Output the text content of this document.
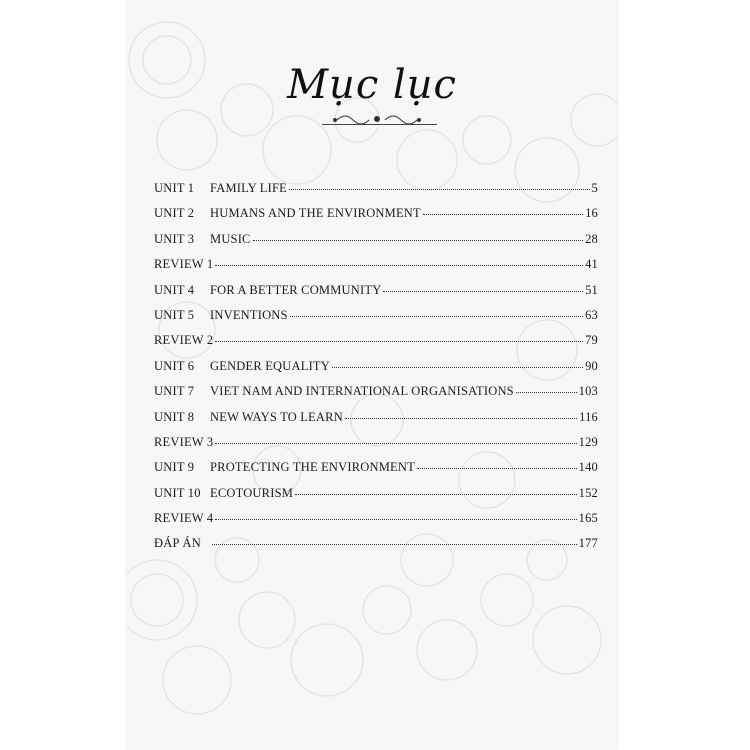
Mục lục
UNIT 1	FAMILY LIFE	5
UNIT 2	HUMANS AND THE ENVIRONMENT	16
UNIT 3	MUSIC	28
REVIEW 1	41
UNIT 4	FOR A BETTER COMMUNITY	51
UNIT 5	INVENTIONS	63
REVIEW 2	79
UNIT 6	GENDER EQUALITY	90
UNIT 7	VIET NAM AND INTERNATIONAL ORGANISATIONS	103
UNIT 8	NEW WAYS TO LEARN	116
REVIEW 3	129
UNIT 9	PROTECTING THE ENVIRONMENT	140
UNIT 10 ECOTOURISM	152
REVIEW 4	165
ĐÁP ÁN	177
